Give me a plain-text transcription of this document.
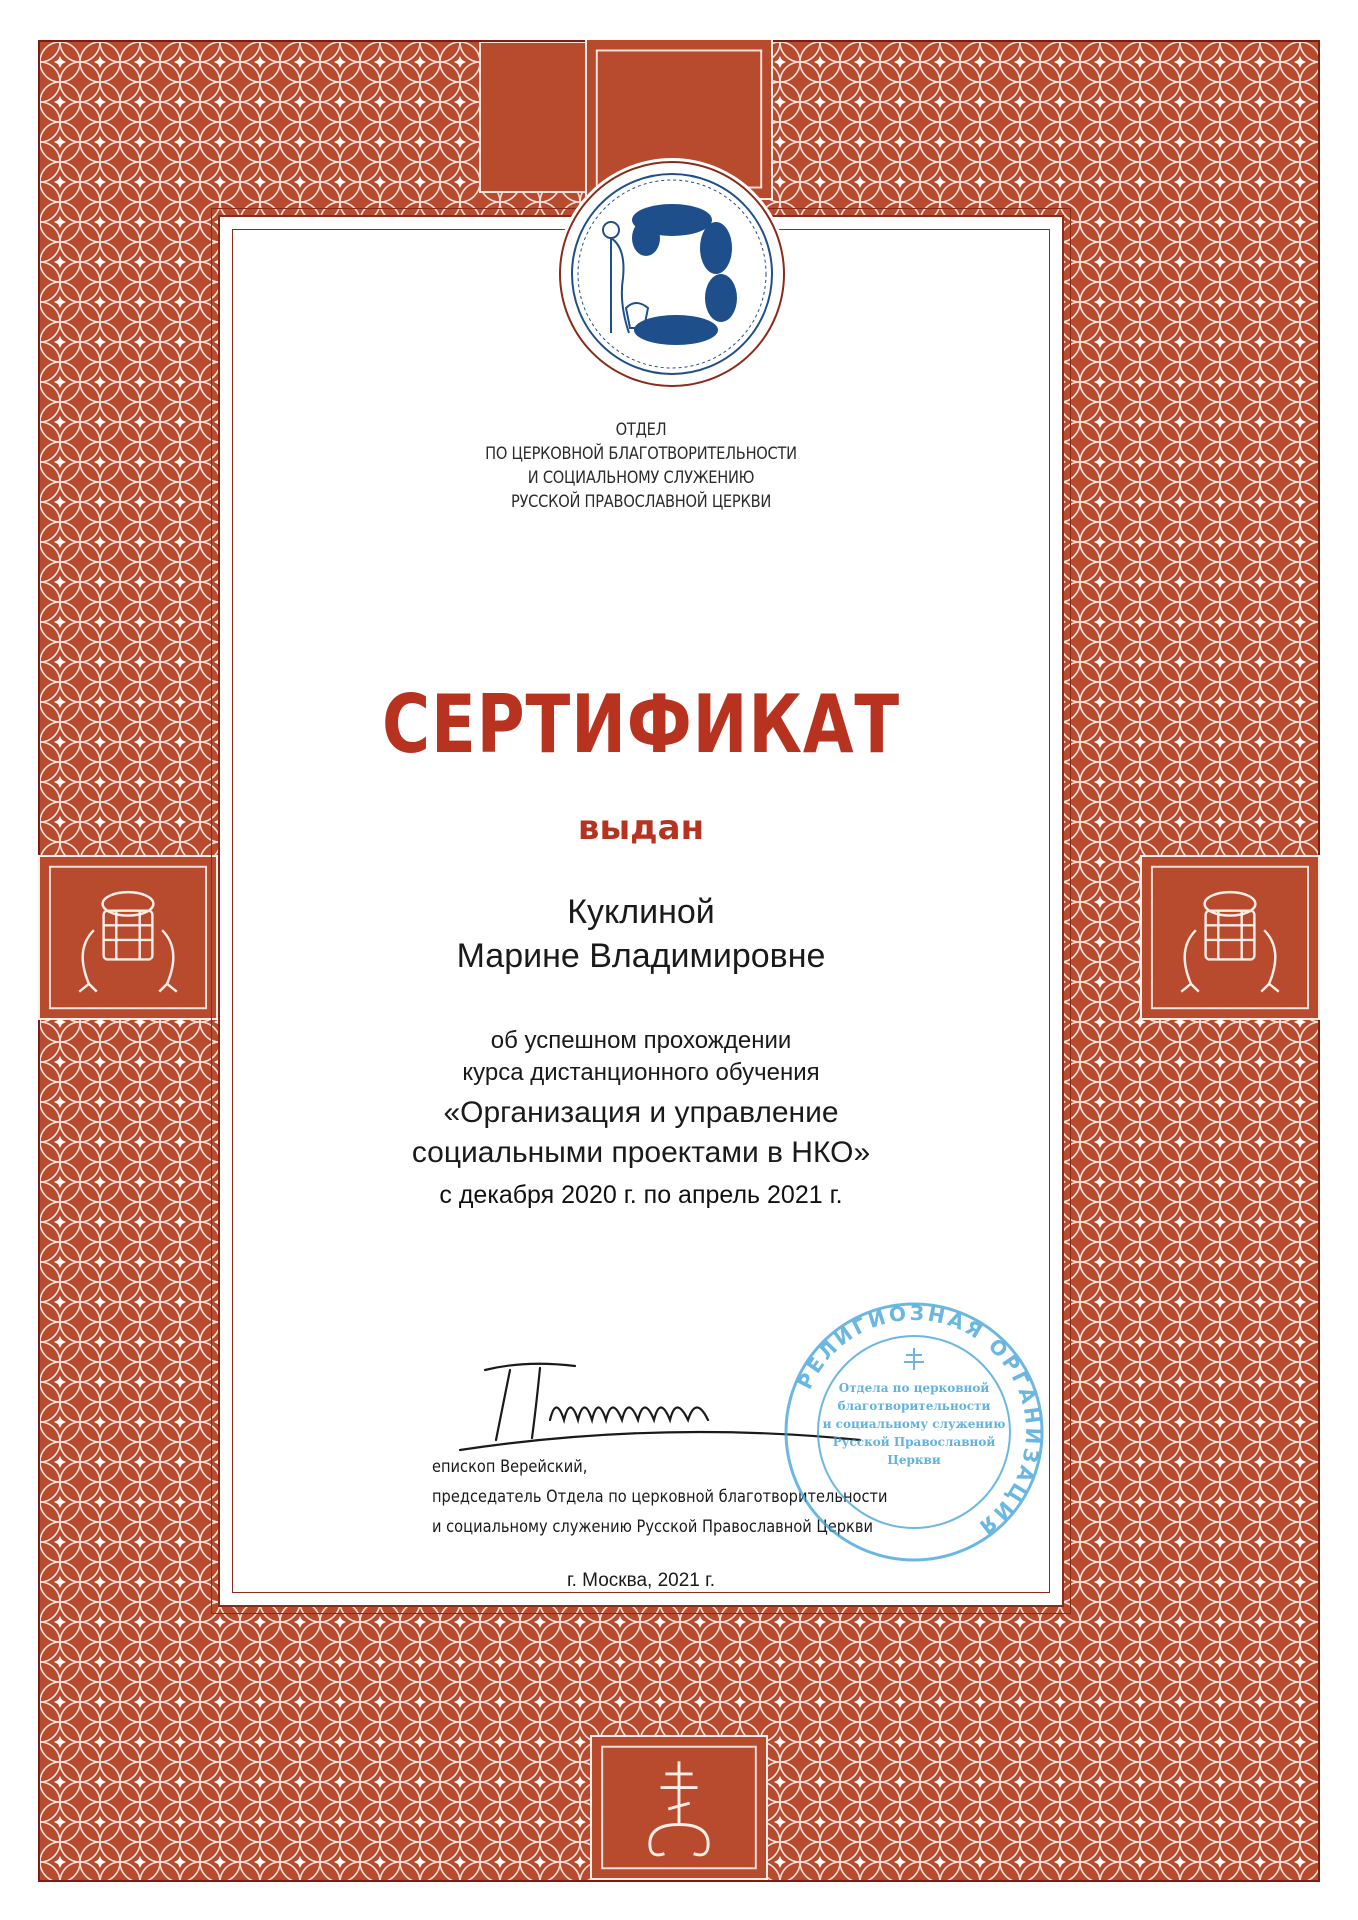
ОТДЕЛ
ПО ЦЕРКОВНОЙ БЛАГОТВОРИТЕЛЬНОСТИ
И СОЦИАЛЬНОМУ СЛУЖЕНИЮ
РУССКОЙ ПРАВОСЛАВНОЙ ЦЕРКВИ
СЕРТИФИКАТ
выдан
Куклиной
Марине Владимировне
об успешном прохождении
курса дистанционного обучения
«Организация и управление
социальными проектами в НКО»
с декабря 2020 г. по апрель 2021 г.
епископ Верейский,
председатель Отдела по церковной благотворительности
и социальному служению Русской Православной Церкви
РЕЛИГИОЗНАЯ ОРГАНИЗАЦИЯ
Отдела по церковной
благотворительности
и социальному служению
Русской Православной
Церкви
г. Москва, 2021 г.
